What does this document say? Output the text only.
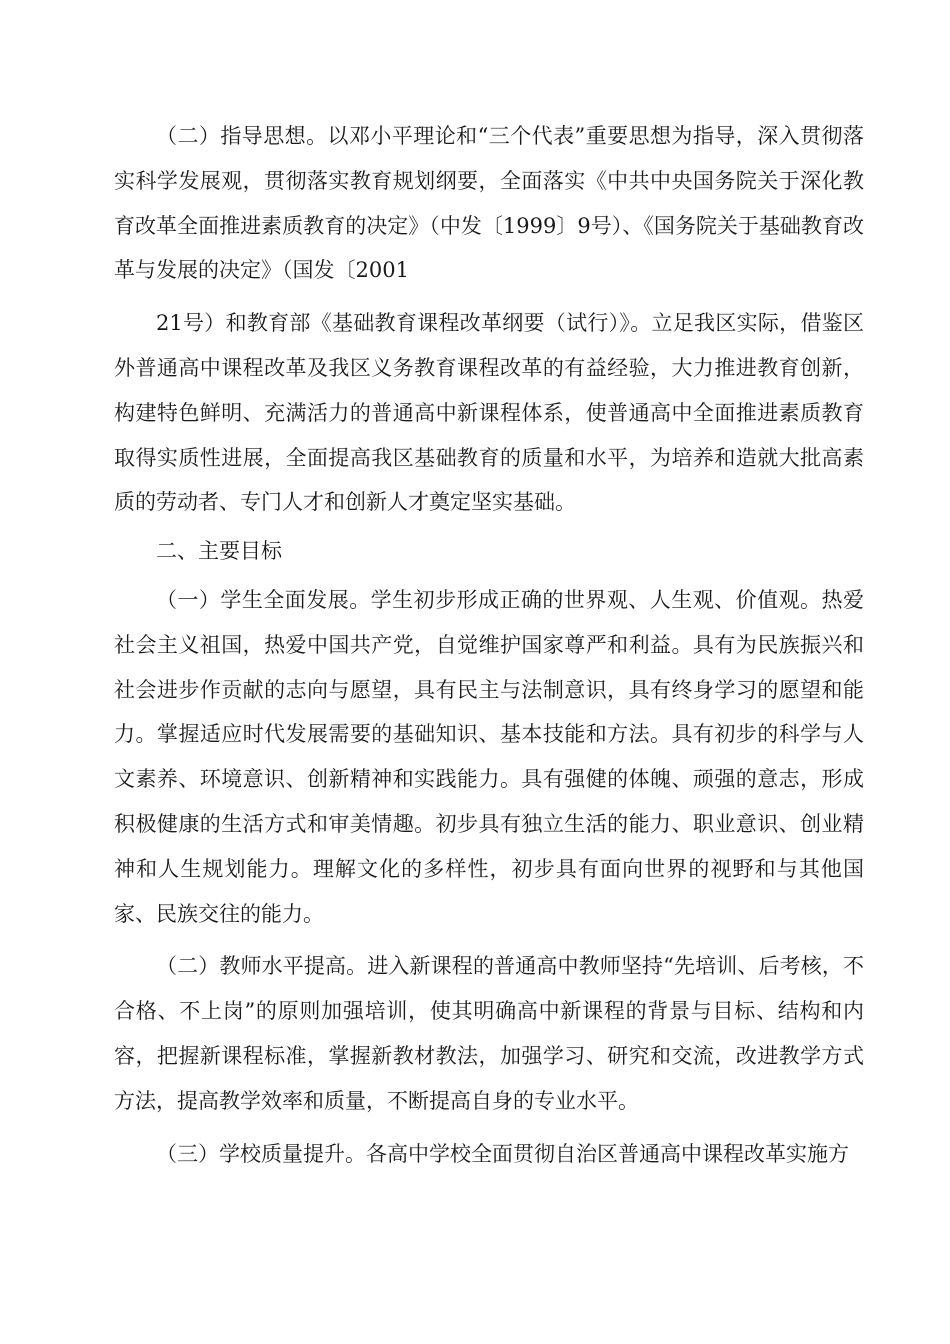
（二）指导思想。以邓小平理论和“三个代表”重要思想为指导，深入贯彻落实科学发展观，贯彻落实教育规划纲要，全面落实《中共中央国务院关于深化教育改革全面推进素质教育的决定》（中发〔1999〕9号）、《国务院关于基础教育改革与发展的决定》（国发〔2001

21号）和教育部《基础教育课程改革纲要（试行）》。立足我区实际，借鉴区外普通高中课程改革及我区义务教育课程改革的有益经验，大力推进教育创新，构建特色鲜明、充满活力的普通高中新课程体系，使普通高中全面推进素质教育取得实质性进展，全面提高我区基础教育的质量和水平，为培养和造就大批高素质的劳动者、专门人才和创新人才奠定坚实基础。

二、主要目标

（一）学生全面发展。学生初步形成正确的世界观、人生观、价值观。热爱社会主义祖国，热爱中国共产党，自觉维护国家尊严和利益。具有为民族振兴和社会进步作贡献的志向与愿望，具有民主与法制意识，具有终身学习的愿望和能力。掌握适应时代发展需要的基础知识、基本技能和方法。具有初步的科学与人文素养、环境意识、创新精神和实践能力。具有强健的体魄、顽强的意志，形成积极健康的生活方式和审美情趣。初步具有独立生活的能力、职业意识、创业精神和人生规划能力。理解文化的多样性，初步具有面向世界的视野和与其他国家、民族交往的能力。

（二）教师水平提高。进入新课程的普通高中教师坚持“先培训、后考核，不合格、不上岗”的原则加强培训，使其明确高中新课程的背景与目标、结构和内容，把握新课程标准，掌握新教材教法，加强学习、研究和交流，改进教学方式方法，提高教学效率和质量，不断提高自身的专业水平。

（三）学校质量提升。各高中学校全面贯彻自治区普通高中课程改革实施方
